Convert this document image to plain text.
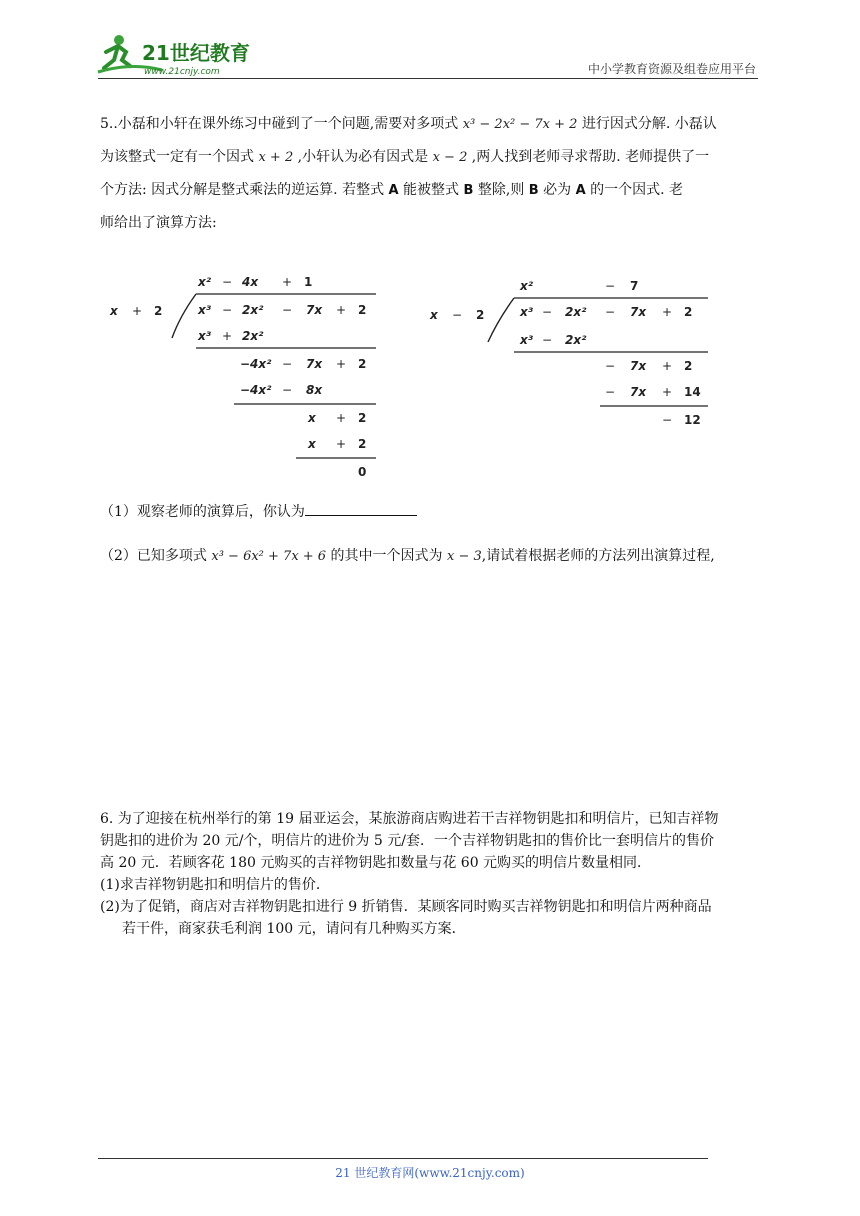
21世纪教育
www.21cnjy.com	中小学教育资源及组卷应用平台

5..小磊和小轩在课外练习中碰到了一个问题,需要对多项式 x³ − 2x² − 7x + 2 进行因式分解. 小磊认
为该整式一定有一个因式 x + 2 ,小轩认为必有因式是 x − 2 ,两人找到老师寻求帮助. 老师提供了一
个方法: 因式分解是整式乘法的逆运算. 若整式 A 能被整式 B 整除,则 B 必为 A 的一个因式. 老
师给出了演算方法:

x + 2
x² − 4x + 1
x³ − 2x² − 7x + 2
x³ + 2x²
−4x² − 7x + 2
−4x² − 8x
x + 2
x + 2
0
x − 2
x²	− 7
x³ − 2x² − 7x + 2
x³ − 2x²
− 7x + 2
− 7x + 14
− 12

（1）观察老师的演算后，你认为

（2）已知多项式 x³ − 6x² + 7x + 6 的其中一个因式为 x − 3,请试着根据老师的方法列出演算过程,

6. 为了迎接在杭州举行的第 19 届亚运会，某旅游商店购进若干吉祥物钥匙扣和明信片，已知吉祥物
钥匙扣的进价为 20 元/个，明信片的进价为 5 元/套．一个吉祥物钥匙扣的售价比一套明信片的售价
高 20 元．若顾客花 180 元购买的吉祥物钥匙扣数量与花 60 元购买的明信片数量相同．
(1)求吉祥物钥匙扣和明信片的售价．
(2)为了促销，商店对吉祥物钥匙扣进行 9 折销售．某顾客同时购买吉祥物钥匙扣和明信片两种商品
若干件，商家获毛利润 100 元，请问有几种购买方案．

21 世纪教育网(www.21cnjy.com)
